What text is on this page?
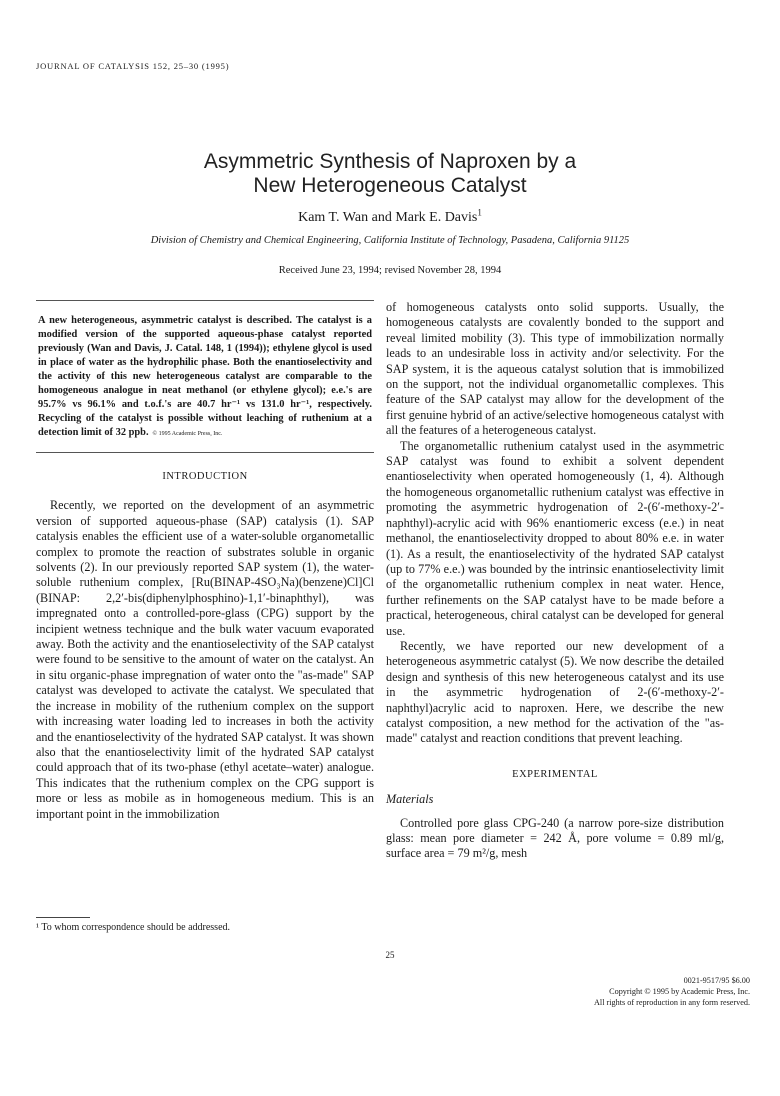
JOURNAL OF CATALYSIS 152, 25–30 (1995)
Asymmetric Synthesis of Naproxen by a
New Heterogeneous Catalyst
Kam T. Wan and Mark E. Davis$^1$
Division of Chemistry and Chemical Engineering, California Institute of Technology, Pasadena, California 91125
Received June 23, 1994; revised November 28, 1994
A new heterogeneous, asymmetric catalyst is described. The catalyst is a modified version of the supported aqueous-phase catalyst reported previously (Wan and Davis, J. Catal. 148, 1 (1994)); ethylene glycol is used in place of water as the hydrophilic phase. Both the enantioselectivity and the activity of this new heterogeneous catalyst are comparable to the homogeneous analogue in neat methanol (or ethylene glycol); e.e.'s are 95.7% vs 96.1% and t.o.f.'s are 40.7 hr⁻¹ vs 131.0 hr⁻¹, respectively. Recycling of the catalyst is possible without leaching of ruthenium at a detection limit of 32 ppb. © 1995 Academic Press, Inc.
INTRODUCTION

Recently, we reported on the development of an asymmetric version of supported aqueous-phase (SAP) catalysis (1). SAP catalysis enables the efficient use of a water-soluble organometallic complex to promote the reaction of substrates soluble in organic solvents (2). In our previously reported SAP system (1), the water-soluble ruthenium complex, [Ru(BINAP-4SO₃Na)(benzene)Cl]Cl (BINAP: 2,2′-bis(diphenylphosphino)-1,1′-binaphthyl), was impregnated onto a controlled-pore-glass (CPG) support by the incipient wetness technique and the bulk water vacuum evaporated away. Both the activity and the enantioselectivity of the SAP catalyst were found to be sensitive to the amount of water on the catalyst. An in situ organic-phase impregnation of water onto the "as-made" SAP catalyst was developed to activate the catalyst. We speculated that the increase in mobility of the ruthenium complex on the support with increasing water loading led to increases in both the activity and the enantioselectivity of the hydrated SAP catalyst. It was shown also that the enantioselectivity limit of the hydrated SAP catalyst could approach that of its two-phase (ethyl acetate–water) analogue. This indicates that the ruthenium complex on the CPG support is more or less as mobile as in homogeneous medium. This is an important point in the immobilization

of homogeneous catalysts onto solid supports. Usually, the homogeneous catalysts are covalently bonded to the support and reveal limited mobility (3). This type of immobilization normally leads to an undesirable loss in activity and/or selectivity. For the SAP system, it is the aqueous catalyst solution that is immobilized on the support, not the individual organometallic complexes. This feature of the SAP catalyst may allow for the development of the first genuine hybrid of an active/selective homogeneous catalyst with all the features of a heterogeneous catalyst.

The organometallic ruthenium catalyst used in the asymmetric SAP catalyst was found to exhibit a solvent dependent enantioselectivity when operated homogeneously (1, 4). Although the homogeneous organometallic ruthenium catalyst was effective in promoting the asymmetric hydrogenation of 2-(6′-methoxy-2′-naphthyl)-acrylic acid with 96% enantiomeric excess (e.e.) in neat methanol, the enantioselectivity dropped to about 80% e.e. in water (1). As a result, the enantioselectivity of the hydrated SAP catalyst (up to 77% e.e.) was bounded by the intrinsic enantioselectivity limit of the organometallic ruthenium complex in neat water. Hence, further refinements on the SAP catalyst have to be made before a practical, heterogeneous, chiral catalyst can be developed for general use.

Recently, we have reported our new development of a heterogeneous asymmetric catalyst (5). We now describe the detailed design and synthesis of this new heterogeneous catalyst and its use in the asymmetric hydrogenation of 2-(6′-methoxy-2′-naphthyl)acrylic acid to naproxen. Here, we describe the new catalyst composition, a new method for the activation of the "as-made" catalyst and reaction conditions that prevent leaching.

EXPERIMENTAL
Materials

Controlled pore glass CPG-240 (a narrow pore-size distribution glass: mean pore diameter = 242 Å, pore volume = 0.89 ml/g, surface area = 79 m²/g, mesh

¹ To whom correspondence should be addressed.
25
0021-9517/95 $6.00
Copyright © 1995 by Academic Press, Inc.
All rights of reproduction in any form reserved.
